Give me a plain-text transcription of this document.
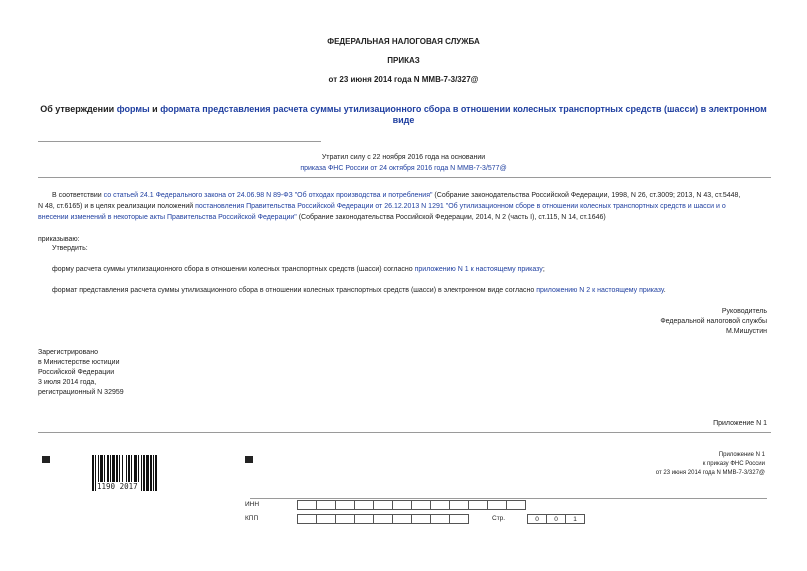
ФЕДЕРАЛЬНАЯ НАЛОГОВАЯ СЛУЖБА
ПРИКАЗ
от 23 июня 2014 года N ММВ-7-3/327@
Об утверждении формы и формата представления расчета суммы утилизационного сбора в отношении колесных транспортных средств (шасси) в электронном
виде
Утратил силу с 22 ноября 2016 года на основании
приказа ФНС России от 24 октября 2016 года N ММВ-7-3/577@
В соответствии со статьей 24.1 Федерального закона от 24.06.98 N 89-ФЗ "Об отходах производства и потребления" (Собрание законодательства Российской Федерации, 1998, N 26, ст.3009; 2013, N 43, ст.5448,
N 48, ст.6165) и в целях реализации положений постановления Правительства Российской Федерации от 26.12.2013 N 1291 "Об утилизационном сборе в отношении колесных транспортных средств и шасси и о
внесении изменений в некоторые акты Правительства Российской Федерации" (Собрание законодательства Российской Федерации, 2014, N 2 (часть I), ст.115, N 14, ст.1646)
приказываю:
Утвердить:
форму расчета суммы утилизационного сбора в отношении колесных транспортных средств (шасси) согласно приложению N 1 к настоящему приказу;
формат представления расчета суммы утилизационного сбора в отношении колесных транспортных средств (шасси) в электронном виде согласно приложению N 2 к настоящему приказу.
Руководитель
Федеральной налоговой службы
М.Мишустин
Зарегистрировано
в Министерстве юстиции
Российской Федерации
3 июля 2014 года,
регистрационный N 32959
Приложение N 1
1190 2017
Приложение N 1
к приказу ФНС России
от 23 июня 2014 года N ММВ-7-3/327@
ИНН
КПП	Стр.	0	0	1
